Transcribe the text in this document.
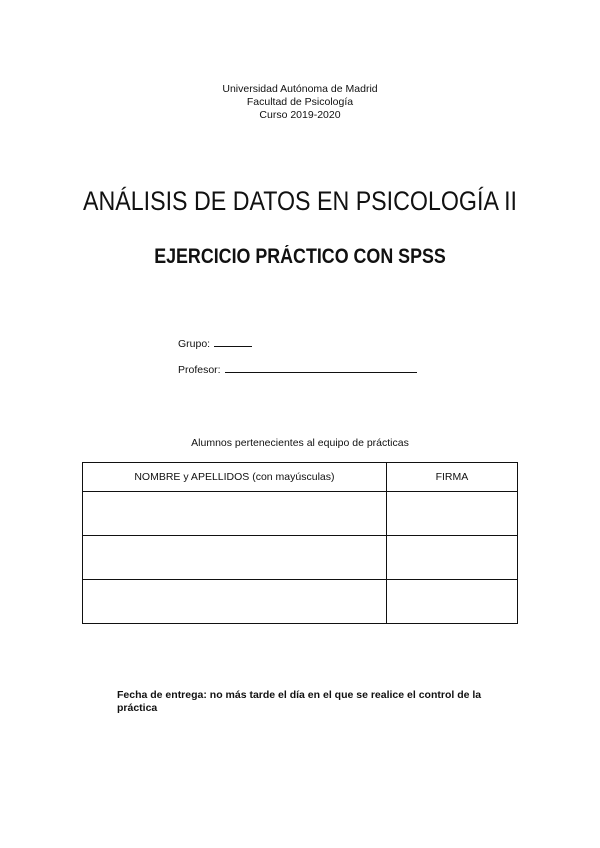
Universidad Autónoma de Madrid
Facultad de Psicología
Curso 2019-2020
ANÁLISIS DE DATOS EN PSICOLOGÍA II
EJERCICIO PRÁCTICO CON SPSS
Grupo:
Profesor:
Alumnos pertenecientes al equipo de prácticas
NOMBRE y APELLIDOS (con mayúsculas)	FIRMA

Fecha de entrega: no más tarde el día en el que se realice el control de la práctica
